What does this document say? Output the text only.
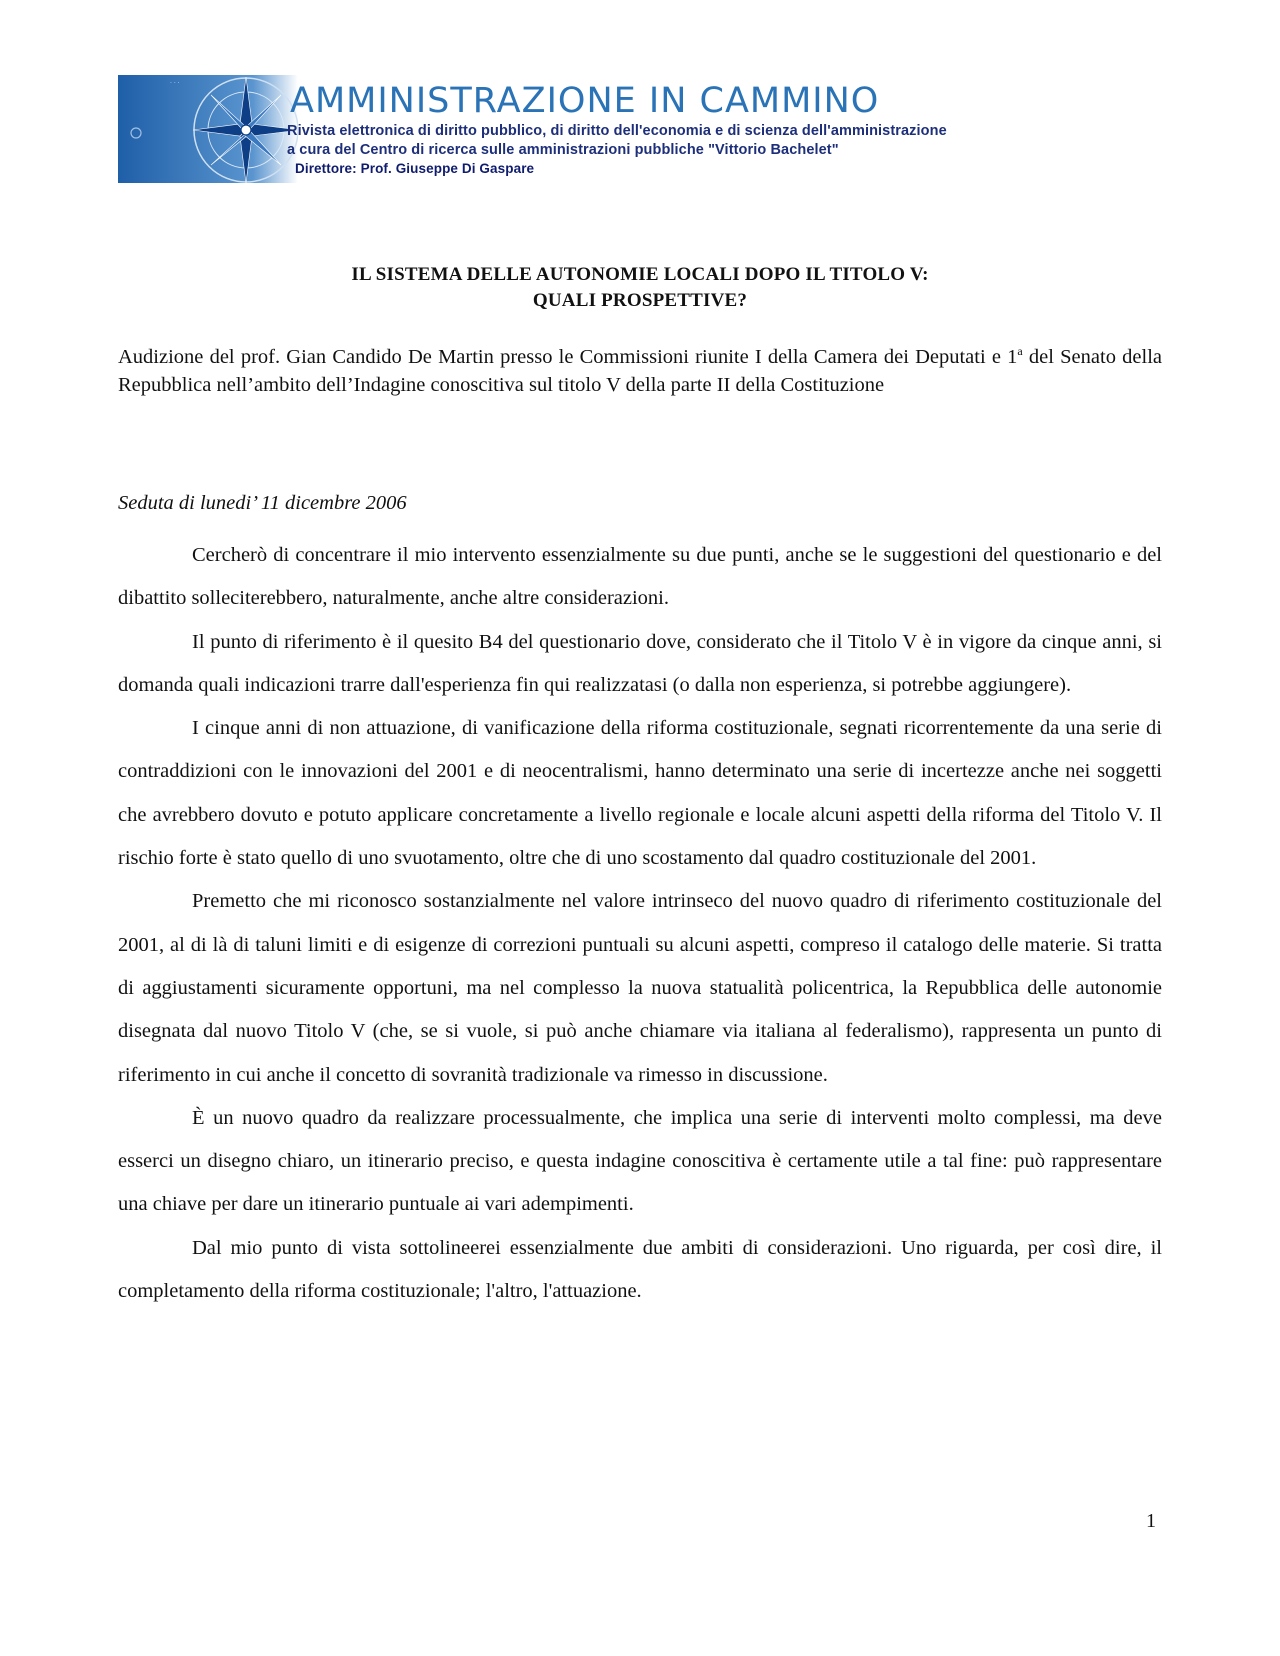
· · ·	AMMINISTRAZIONE IN CAMMINO
Rivista elettronica di diritto pubblico, di diritto dell'economia e di scienza dell'amministrazione
a cura del Centro di ricerca sulle amministrazioni pubbliche "Vittorio Bachelet"
Direttore: Prof. Giuseppe Di Gaspare
IL SISTEMA DELLE AUTONOMIE LOCALI DOPO IL TITOLO V:
QUALI PROSPETTIVE?
Audizione del prof. Gian Candido De Martin presso le Commissioni riunite I della Camera dei Deputati e 1$^a$ del Senato della Repubblica nell’ambito dell’Indagine conoscitiva sul titolo V della parte II della Costituzione
Seduta di lunedi’ 11 dicembre 2006

Cercherò di concentrare il mio intervento essenzialmente su due punti, anche se le suggestioni del questionario e del dibattito solleciterebbero, naturalmente, anche altre considerazioni.

Il punto di riferimento è il quesito B4 del questionario dove, considerato che il Titolo V è in vigore da cinque anni, si domanda quali indicazioni trarre dall'esperienza fin qui realizzatasi (o dalla non esperienza, si potrebbe aggiungere).

I cinque anni di non attuazione, di vanificazione della riforma costituzionale, segnati ricorrentemente da una serie di contraddizioni con le innovazioni del 2001 e di neocentralismi, hanno determinato una serie di incertezze anche nei soggetti che avrebbero dovuto e potuto applicare concretamente a livello regionale e locale alcuni aspetti della riforma del Titolo V. Il rischio forte è stato quello di uno svuotamento, oltre che di uno scostamento dal quadro costituzionale del 2001.

Premetto che mi riconosco sostanzialmente nel valore intrinseco del nuovo quadro di riferimento costituzionale del 2001, al di là di taluni limiti e di esigenze di correzioni puntuali su alcuni aspetti, compreso il catalogo delle materie. Si tratta di aggiustamenti sicuramente opportuni, ma nel complesso la nuova statualità policentrica, la Repubblica delle autonomie disegnata dal nuovo Titolo V (che, se si vuole, si può anche chiamare via italiana al federalismo), rappresenta un punto di riferimento in cui anche il concetto di sovranità tradizionale va rimesso in discussione.

È un nuovo quadro da realizzare processualmente, che implica una serie di interventi molto complessi, ma deve esserci un disegno chiaro, un itinerario preciso, e questa indagine conoscitiva è certamente utile a tal fine: può rappresentare una chiave per dare un itinerario puntuale ai vari adempimenti.

Dal mio punto di vista sottolineerei essenzialmente due ambiti di considerazioni. Uno riguarda, per così dire, il completamento della riforma costituzionale; l'altro, l'attuazione.

1
